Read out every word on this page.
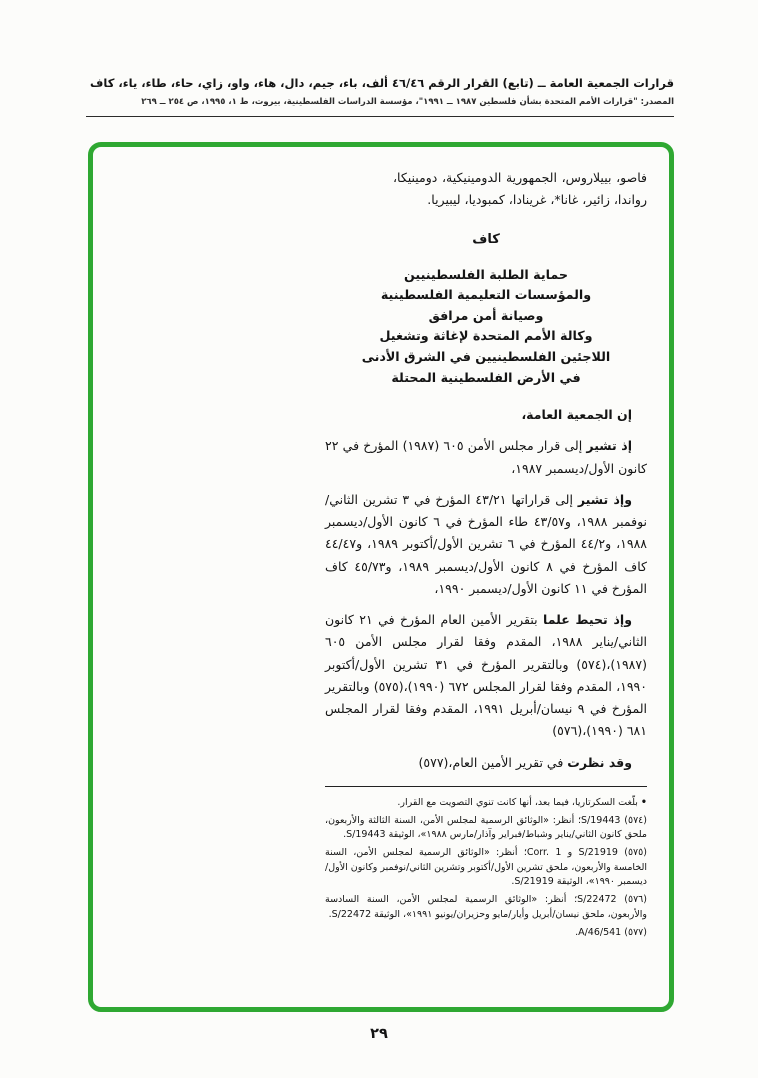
قرارات الجمعية العامة ــ (تابع) القرار الرقم ٤٦/٤٦ ألف، باء، جيم، دال، هاء، واو، زاي، حاء، طاء، ياء، كاف
المصدر: "قرارات الأمم المتحدة بشأن فلسطين ١٩٨٧ ــ ١٩٩١"، مؤسسة الدراسات الفلسطينية، بيروت، ط ١، ١٩٩٥، ص ٢٥٤ ــ ٢٦٩

فاصو، بييلاروس، الجمهورية الدومينيكية، دومينيكا، رواندا، زائير، غانا*، غرينادا، كمبوديا، ليبيريا.

كاف
حماية الطلبة الفلسطينيين
والمؤسسات التعليمية الفلسطينية
وصيانة أمن مرافق
وكالة الأمم المتحدة لإغاثة وتشغيل
اللاجئين الفلسطينيين في الشرق الأدنى
في الأرض الفلسطينية المحتلة

إن الجمعية العامة،

إذ تشير إلى قرار مجلس الأمن ٦٠٥ (١٩٨٧) المؤرخ في ٢٢ كانون الأول/ديسمبر ١٩٨٧،

وإذ تشير إلى قراراتها ٤٣/٢١ المؤرخ في ٣ تشرين الثاني/نوفمبر ١٩٨٨، و٤٣/٥٧ طاء المؤرخ في ٦ كانون الأول/ديسمبر ١٩٨٨، و٤٤/٢ المؤرخ في ٦ تشرين الأول/أكتوبر ١٩٨٩، و٤٤/٤٧ كاف المؤرخ في ٨ كانون الأول/ديسمبر ١٩٨٩، و٤٥/٧٣ كاف المؤرخ في ١١ كانون الأول/ديسمبر ١٩٩٠،

وإذ تحيط علما بتقرير الأمين العام المؤرخ في ٢١ كانون الثاني/يناير ١٩٨٨، المقدم وفقا لقرار مجلس الأمن ٦٠٥ (١٩٨٧)،(٥٧٤) وبالتقرير المؤرخ في ٣١ تشرين الأول/أكتوبر ١٩٩٠، المقدم وفقا لقرار المجلس ٦٧٢ (١٩٩٠)،(٥٧٥) وبالتقرير المؤرخ في ٩ نيسان/أبريل ١٩٩١، المقدم وفقا لقرار المجلس ٦٨١ (١٩٩٠)،(٥٧٦)

وقد نظرت في تقرير الأمين العام،(٥٧٧)

• بلّغت السكرتاريا، فيما بعد، أنها كانت تنوي التصويت مع القرار.

(٥٧٤) S/19443؛ أنظر: «الوثائق الرسمية لمجلس الأمن، السنة الثالثة والأربعون، ملحق كانون الثاني/يناير وشباط/فبراير وآذار/مارس ١٩٨٨»، الوثيقة S/19443.

(٥٧٥) S/21919 و Corr. 1؛ أنظر: «الوثائق الرسمية لمجلس الأمن، السنة الخامسة والأربعون، ملحق تشرين الأول/أكتوبر وتشرين الثاني/نوفمبر وكانون الأول/ديسمبر ١٩٩٠»، الوثيقة S/21919.

(٥٧٦) S/22472؛ أنظر: «الوثائق الرسمية لمجلس الأمن، السنة السادسة والأربعون، ملحق نيسان/أبريل وأيار/مايو وحزيران/يونيو ١٩٩١»، الوثيقة S/22472.

(٥٧٧) A/46/541.

٢٩
